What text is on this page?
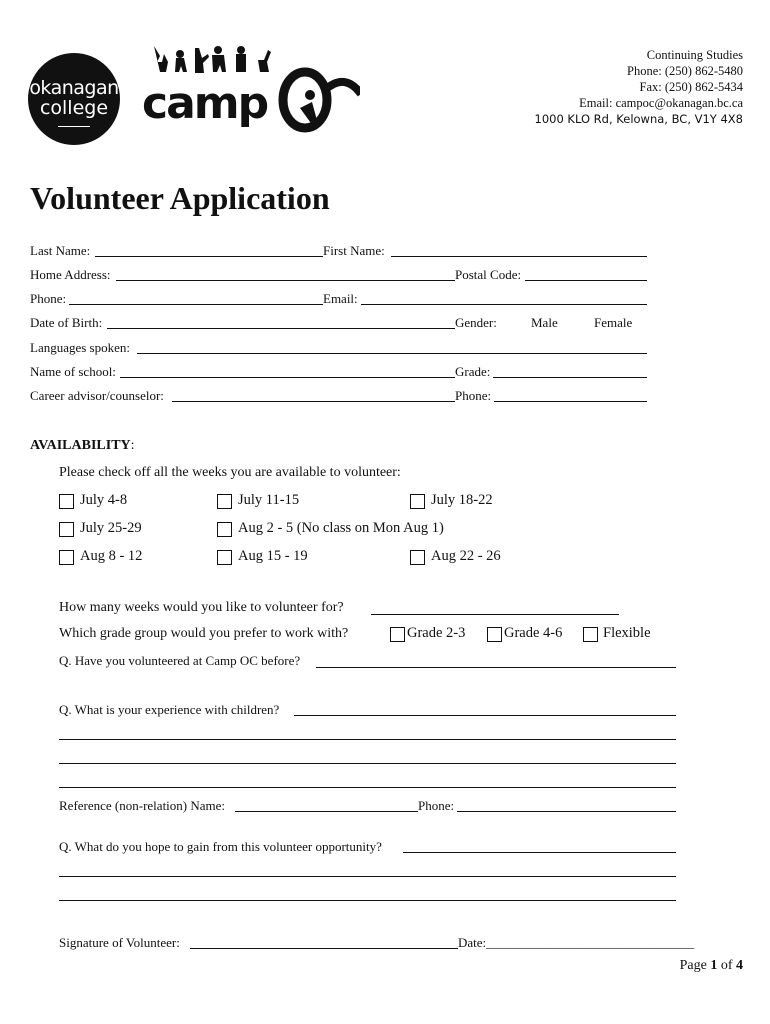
okanagan
college camp
Continuing Studies
Phone: (250) 862-5480
Fax: (250) 862-5434
Email: campoc@okanagan.bc.ca
1000 KLO Rd, Kelowna, BC, V1Y 4X8
Volunteer Application
Last Name:	First Name:
Home Address:	Postal Code:
Phone:	Email:
Date of Birth:	Gender:	Male	Female
Languages spoken:
Name of school:	Grade:
Career advisor/counselor:	Phone:
AVAILABILITY:
Please check off all the weeks you are available to volunteer:
July 4-8	July 11-15	July 18-22
July 25-29	Aug 2 - 5 (No class on Mon Aug 1)
Aug 8 - 12	Aug 15 - 19	Aug 22 - 26
How many weeks would you like to volunteer for?
Which grade group would you prefer to work with?	Grade 2-3	Grade 4-6	Flexible
Q. Have you volunteered at Camp OC before?
Q. What is your experience with children?
Reference (non-relation) Name:	Phone:
Q. What do you hope to gain from this volunteer opportunity?
Signature of Volunteer:	Date:________________________________
Page 1 of 4
